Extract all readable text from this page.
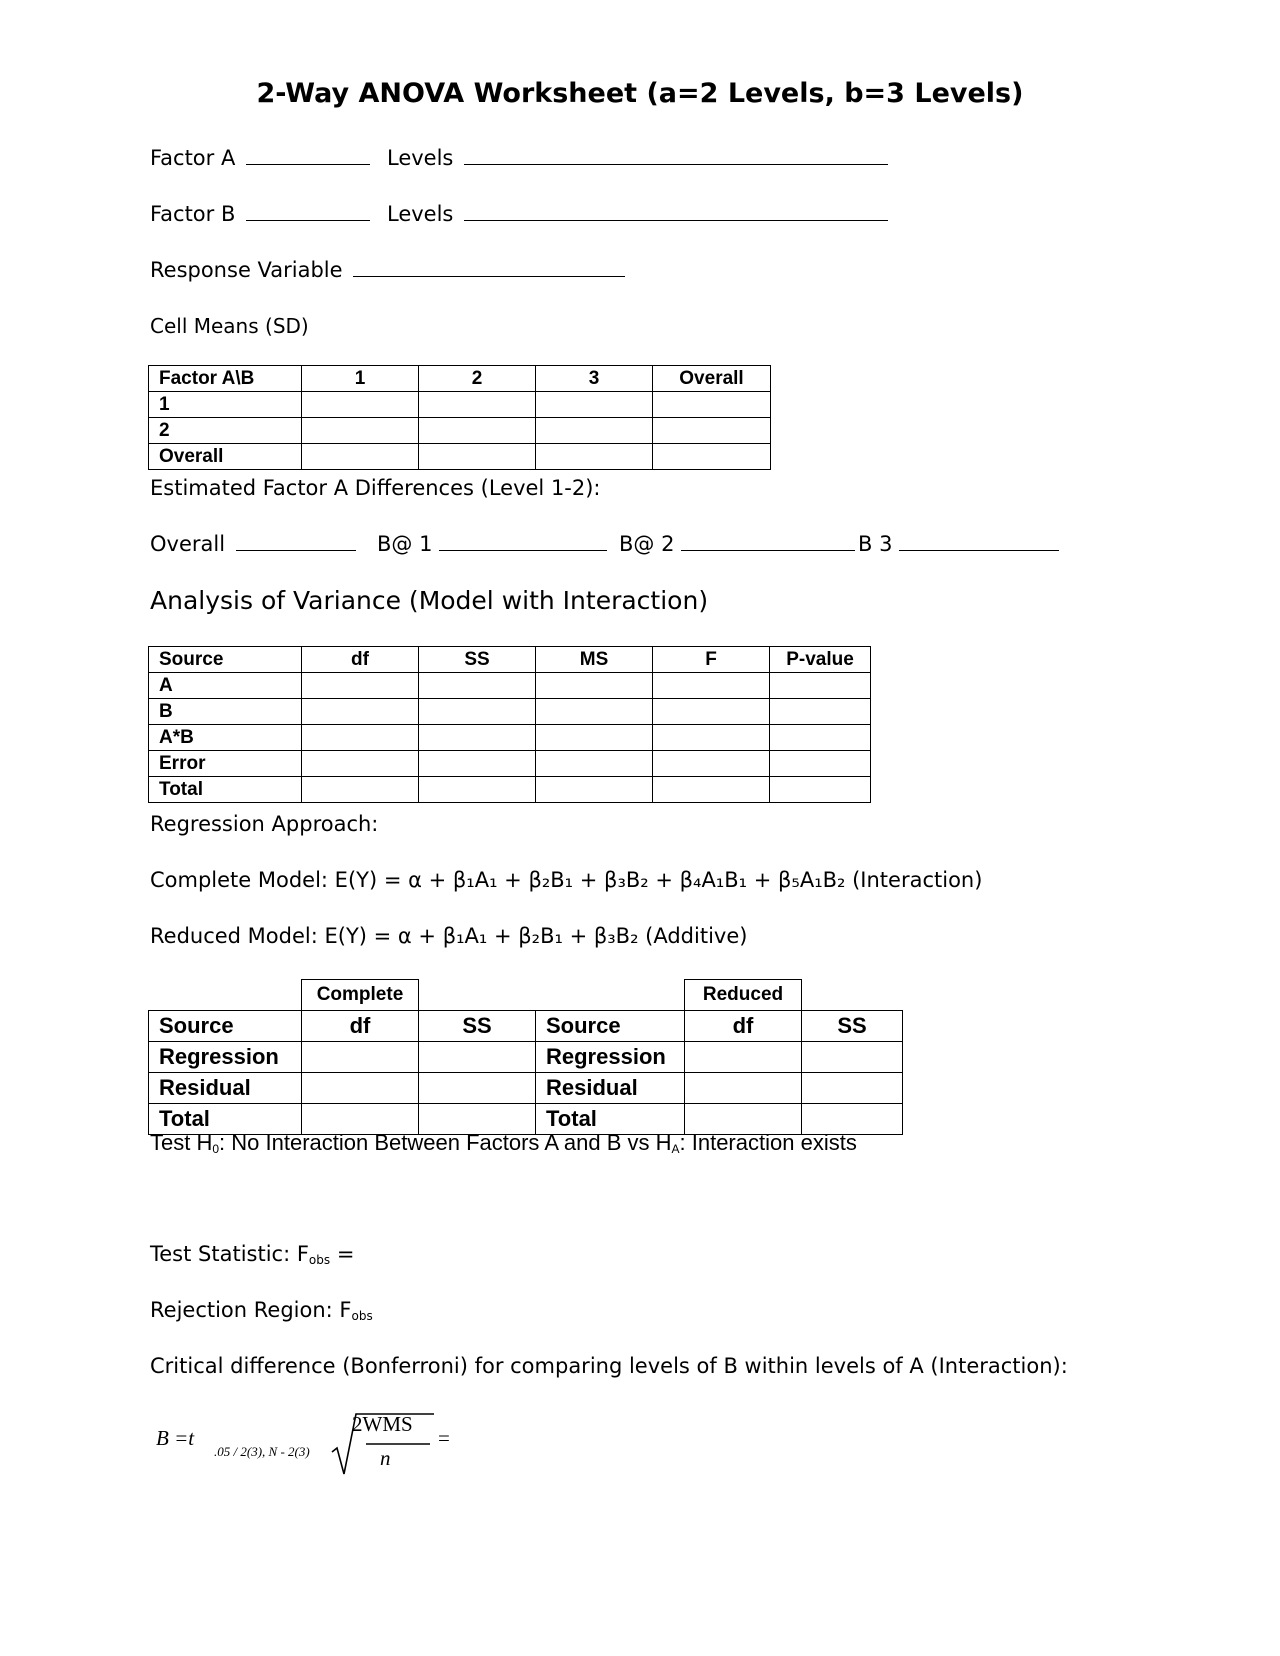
2-Way ANOVA Worksheet (a=2 Levels, b=3 Levels)
Factor A	Levels
Factor B	Levels
Response Variable
Cell Means (SD)
Factor A\B	1	2	3	Overall
1				
2				
Overall				
Estimated Factor A Differences (Level 1-2):
Overall	B@ 1	B@ 2	B 3
Analysis of Variance (Model with Interaction)
Source	df	SS	MS	F	P-value
A					
B					
A*B					
Error					
Total					
Regression Approach:
Complete Model: E(Y) = α + β₁A₁ + β₂B₁ + β₃B₂ + β₄A₁B₁ + β₅A₁B₂ (Interaction)
Reduced Model: E(Y) = α + β₁A₁ + β₂B₁ + β₃B₂ (Additive)
	Complete			Reduced	
Source	df	SS	Source	df	SS
Regression			Regression		
Residual			Residual		
Total			Total		
Test $H_0$: No Interaction Between Factors A and B vs $H_A$: Interaction exists
Test Statistic: $F_{obs}$ =
Rejection Region: $F_{obs}$
Critical difference (Bonferroni) for comparing levels of B within levels of A (Interaction):
B =t
.05 / 2(3), N - 2(3)
2WMS
n
=
